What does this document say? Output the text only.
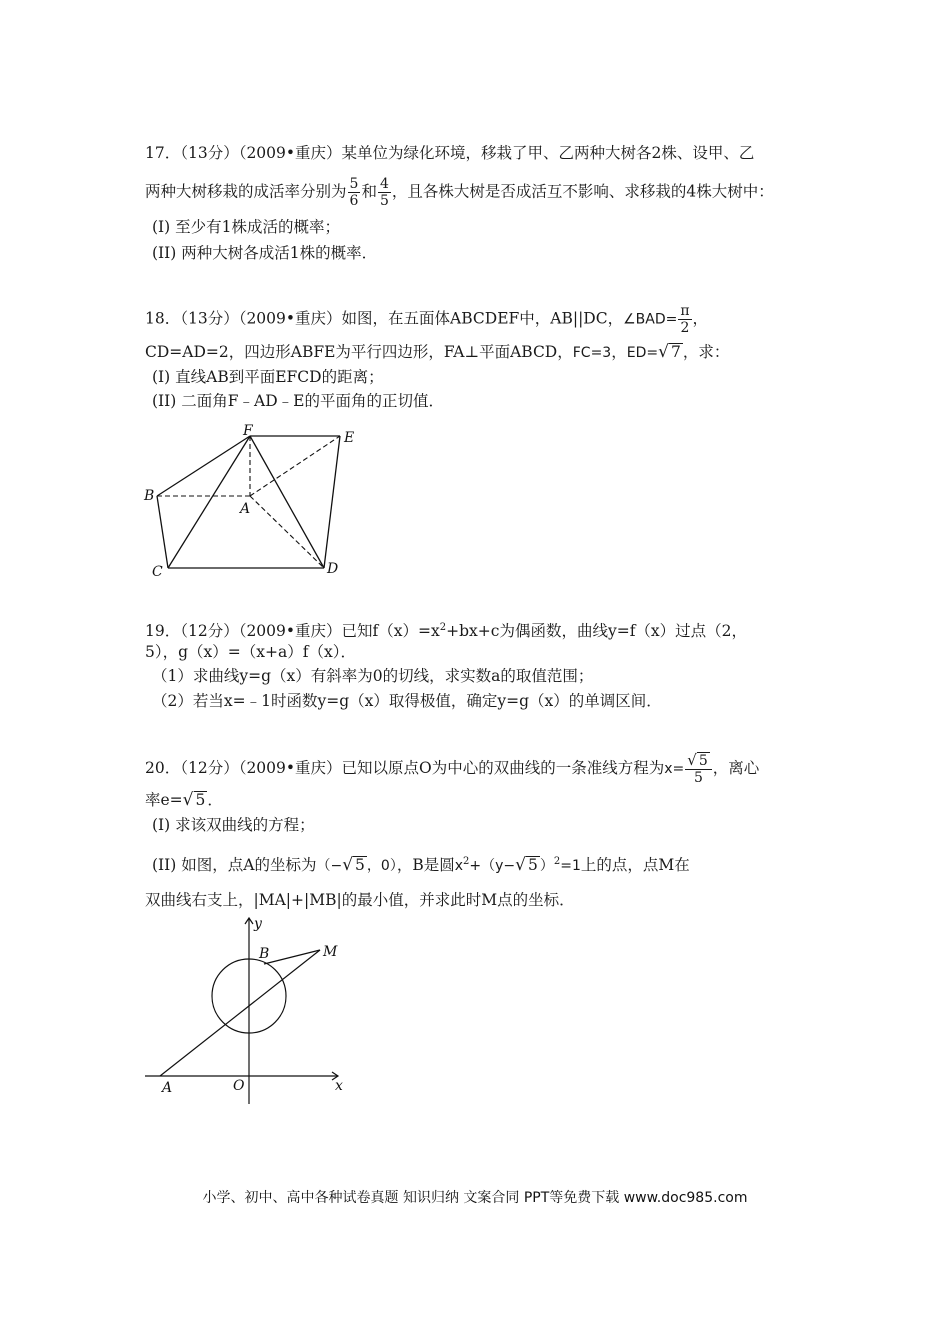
17．（13分）（2009•重庆）某单位为绿化环境，移栽了甲、乙两种大树各2株、设甲、乙
两种大树移栽的成活率分别为 $\frac{5}{6}$ 和 $\frac{4}{5}$ ，且各株大树是否成活互不影响、求移栽的4株大树中：
(I) 至少有1株成活的概率；
(II) 两种大树各成活1株的概率．
18．（13分）（2009•重庆）如图，在五面体ABCDEF中，AB||DC，∠BAD= $\frac{\pi}{2}$ ，
CD=AD=2，四边形ABFE为平行四边形，FA⊥平面ABCD，FC=3，ED=√ 7 ，求：
(I) 直线AB到平面EFCD的距离；
(II) 二面角F﹣AD﹣E的平面角的正切值．
F	E
B
A
C	D
19．（12分）（2009•重庆）已知$f(x)=x^2+bx+c$为偶函数，曲线y=f（x）过点（2，
5），g（x）=（x+a）f（x）．
（1）求曲线y=g（x）有斜率为0的切线，求实数a的取值范围；
（2）若当x=﹣1时函数y=g（x）取得极值，确定y=g（x）的单调区间．
20．（12分）（2009•重庆）已知以原点O为中心的双曲线的一条准线方程为$x= \frac{√ 5}{5}$ ，离心
率e=√ 5 ．
(I) 求该双曲线的方程；
(II) 如图，点A的坐标为（−√ 5 ，0），B是圆$x^2+(y-√$ 5 ）$^2$=1上的点，点M在
双曲线右支上，|MA|+|MB|的最小值，并求此时M点的坐标．
y
B	M
A	O	x
小学、初中、高中各种试卷真题 知识归纳 文案合同 PPT等免费下载 www.doc985.com
